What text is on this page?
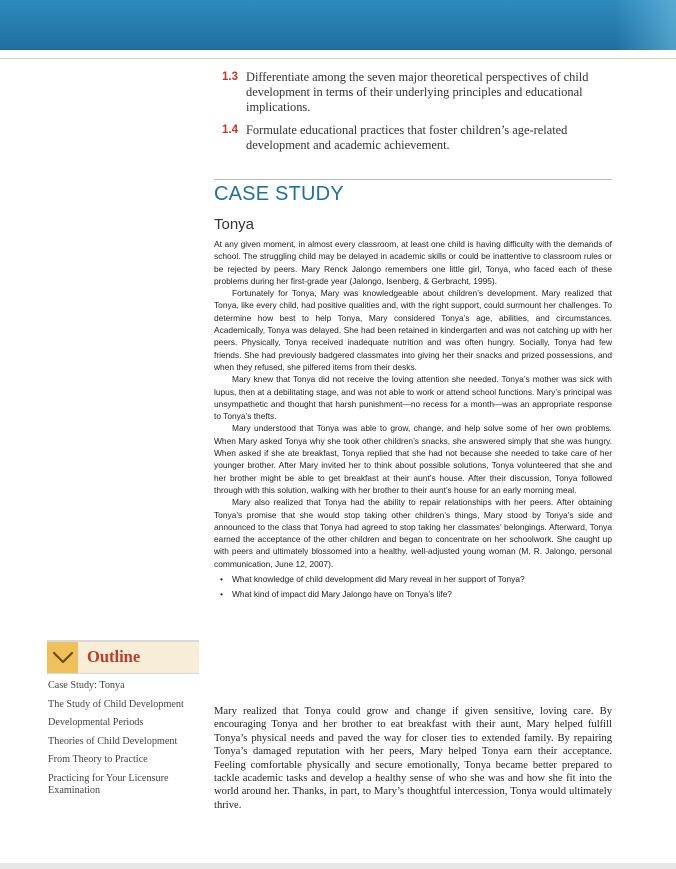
1.3 Differentiate among the seven major theoretical perspectives of child development in terms of their underlying principles and educational implications.
1.4 Formulate educational practices that foster children’s age-related development and academic achievement.
CASE STUDY
Tonya

At any given moment, in almost every classroom, at least one child is having difficulty with the demands of school. The struggling child may be delayed in academic skills or could be inattentive to classroom rules or be rejected by peers. Mary Renck Jalongo remembers one little girl, Tonya, who faced each of these problems during her first-grade year (Jalongo, Isenberg, & Gerbracht, 1995).

Fortunately for Tonya, Mary was knowledgeable about children’s development. Mary realized that Tonya, like every child, had positive qualities and, with the right support, could surmount her challenges. To determine how best to help Tonya, Mary considered Tonya’s age, abilities, and circumstances. Academically, Tonya was delayed. She had been retained in kindergarten and was not catching up with her peers. Physically, Tonya received inadequate nutrition and was often hungry. Socially, Tonya had few friends. She had previously badgered classmates into giving her their snacks and prized possessions, and when they refused, she pilfered items from their desks.

Mary knew that Tonya did not receive the loving attention she needed. Tonya’s mother was sick with lupus, then at a debilitating stage, and was not able to work or attend school functions. Mary’s principal was unsympathetic and thought that harsh punishment—no recess for a month—was an appropriate response to Tonya’s thefts.

Mary understood that Tonya was able to grow, change, and help solve some of her own problems. When Mary asked Tonya why she took other children’s snacks, she answered simply that she was hungry. When asked if she ate breakfast, Tonya replied that she had not because she needed to take care of her younger brother. After Mary invited her to think about possible solutions, Tonya volunteered that she and her brother might be able to get breakfast at their aunt’s house. After their discussion, Tonya followed through with this solution, walking with her brother to their aunt’s house for an early morning meal.

Mary also realized that Tonya had the ability to repair relationships with her peers. After obtaining Tonya’s promise that she would stop taking other children’s things, Mary stood by Tonya’s side and announced to the class that Tonya had agreed to stop taking her classmates’ belongings. Afterward, Tonya earned the acceptance of the other children and began to concentrate on her schoolwork. She caught up with peers and ultimately blossomed into a healthy, well-adjusted young woman (M. R. Jalongo, personal communication, June 12, 2007).

• What knowledge of child development did Mary reveal in her support of Tonya?
• What kind of impact did Mary Jalongo have on Tonya’s life?
Outline
Case Study: Tonya
The Study of Child Development
Developmental Periods
Theories of Child Development
From Theory to Practice
Practicing for Your Licensure Examination
Mary realized that Tonya could grow and change if given sensitive, loving care. By encouraging Tonya and her brother to eat breakfast with their aunt, Mary helped fulfill Tonya’s physical needs and paved the way for closer ties to extended family. By repairing Tonya’s damaged reputation with her peers, Mary helped Tonya earn their acceptance. Feeling comfortable physically and secure emotionally, Tonya became better prepared to tackle academic tasks and develop a healthy sense of who she was and how she fit into the world around her. Thanks, in part, to Mary’s thoughtful intercession, Tonya would ultimately thrive.
